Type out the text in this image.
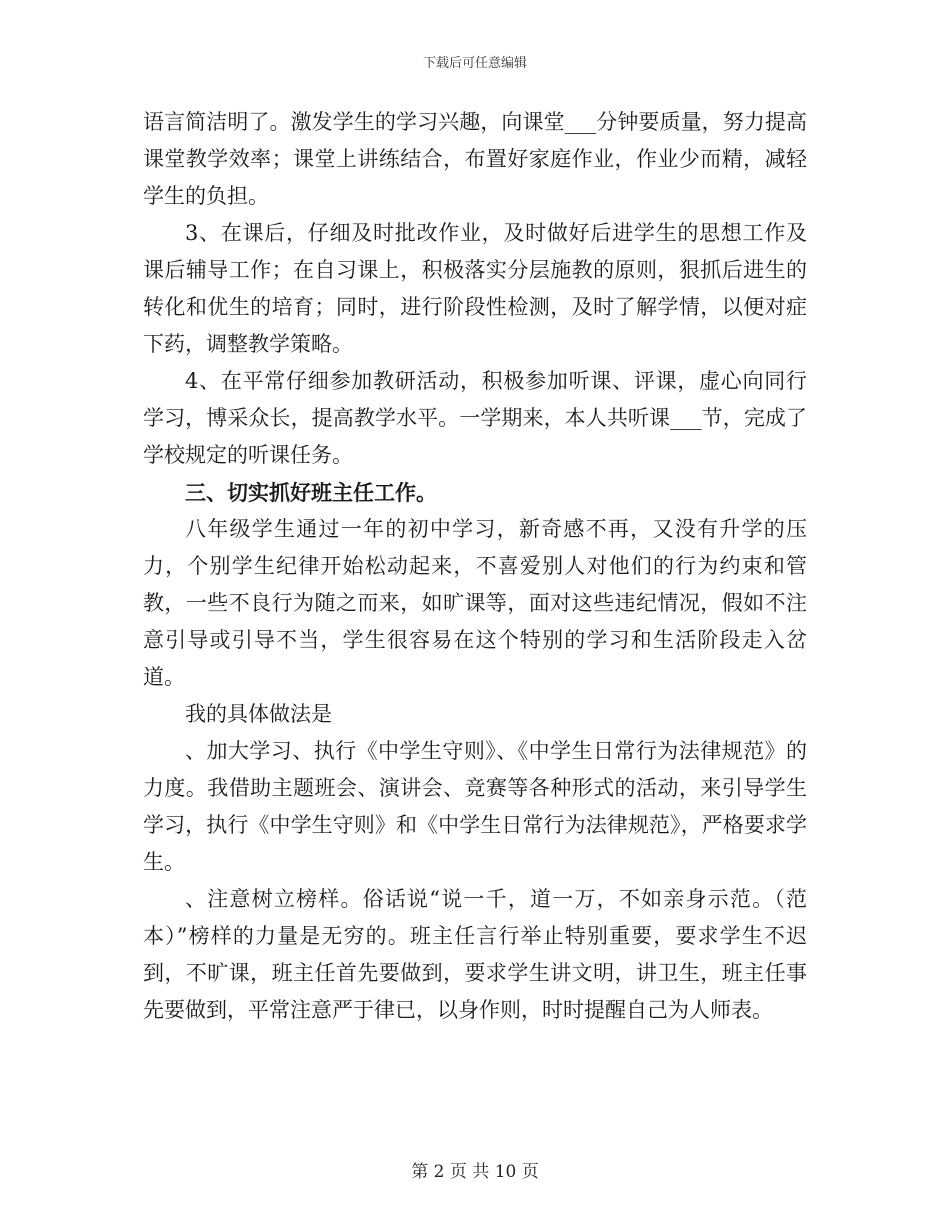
下载后可任意编辑

语言简洁明了。激发学生的学习兴趣，向课堂___分钟要质量，努力提高课堂教学效率；课堂上讲练结合，布置好家庭作业，作业少而精，减轻学生的负担。

3、在课后，仔细及时批改作业，及时做好后进学生的思想工作及课后辅导工作；在自习课上，积极落实分层施教的原则，狠抓后进生的转化和优生的培育；同时，进行阶段性检测，及时了解学情，以便对症下药，调整教学策略。

4、在平常仔细参加教研活动，积极参加听课、评课，虚心向同行学习，博采众长，提高教学水平。一学期来，本人共听课___节，完成了学校规定的听课任务。

三、切实抓好班主任工作。

八年级学生通过一年的初中学习，新奇感不再，又没有升学的压力，个别学生纪律开始松动起来，不喜爱别人对他们的行为约束和管教，一些不良行为随之而来，如旷课等，面对这些违纪情况，假如不注意引导或引导不当，学生很容易在这个特别的学习和生活阶段走入岔道。

我的具体做法是

、加大学习、执行《中学生守则》、《中学生日常行为法律规范》的力度。我借助主题班会、演讲会、竞赛等各种形式的活动，来引导学生学习，执行《中学生守则》和《中学生日常行为法律规范》，严格要求学生。

、注意树立榜样。俗话说“说一千，道一万，不如亲身示范。（范本）”榜样的力量是无穷的。班主任言行举止特别重要，要求学生不迟到，不旷课，班主任首先要做到，要求学生讲文明，讲卫生，班主任事先要做到，平常注意严于律已，以身作则，时时提醒自己为人师表。

第 2 页 共 10 页
